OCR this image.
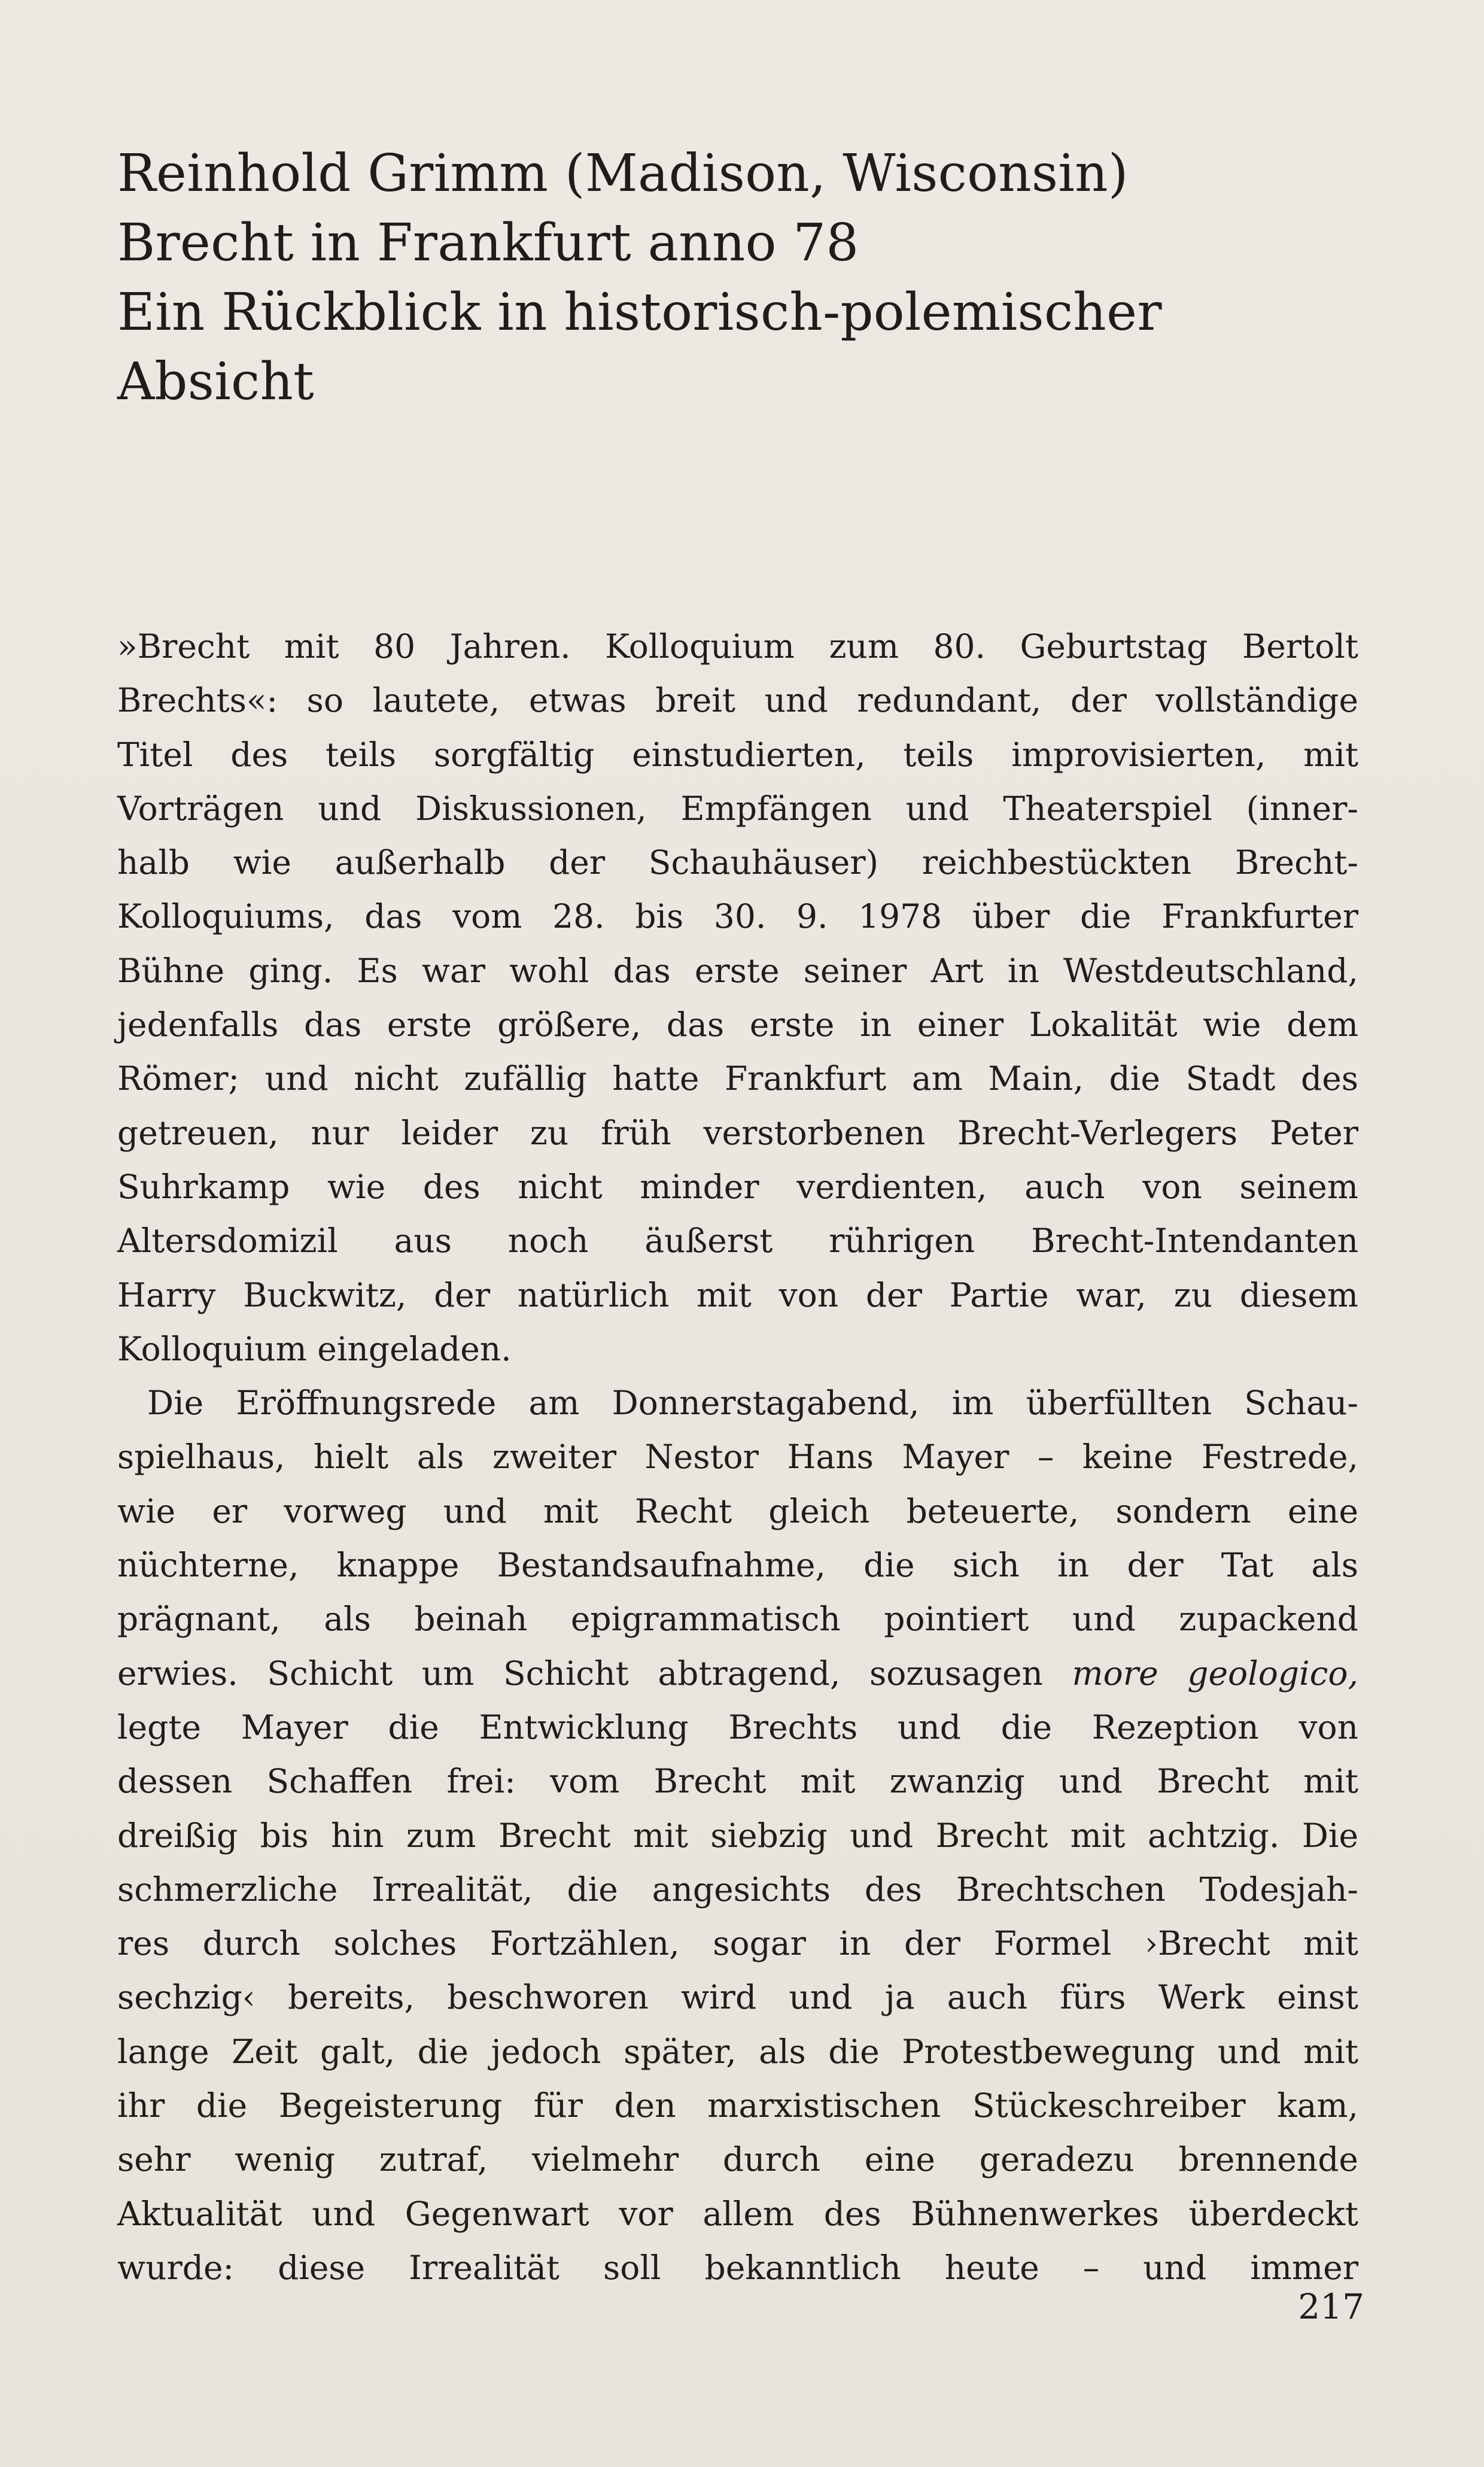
Reinhold Grimm (Madison, Wisconsin)
Brecht in Frankfurt anno 78
Ein Rückblick in historisch-polemischer
Absicht

»Brecht mit 80 Jahren. Kolloquium zum 80. Geburtstag Bertolt
Brechts«: so lautete, etwas breit und redundant, der vollständige
Titel des teils sorgfältig einstudierten, teils improvisierten, mit
Vorträgen und Diskussionen, Empfängen und Theaterspiel (inner-
halb wie außerhalb der Schauhäuser) reichbestückten Brecht-
Kolloquiums, das vom 28. bis 30. 9. 1978 über die Frankfurter
Bühne ging. Es war wohl das erste seiner Art in Westdeutschland,
jedenfalls das erste größere, das erste in einer Lokalität wie dem
Römer; und nicht zufällig hatte Frankfurt am Main, die Stadt des
getreuen, nur leider zu früh verstorbenen Brecht-Verlegers Peter
Suhrkamp wie des nicht minder verdienten, auch von seinem
Altersdomizil aus noch äußerst rührigen Brecht-Intendanten
Harry Buckwitz, der natürlich mit von der Partie war, zu diesem
Kolloquium eingeladen.

Die Eröffnungsrede am Donnerstagabend, im überfüllten Schau-
spielhaus, hielt als zweiter Nestor Hans Mayer – keine Festrede,
wie er vorweg und mit Recht gleich beteuerte, sondern eine
nüchterne, knappe Bestandsaufnahme, die sich in der Tat als
prägnant, als beinah epigrammatisch pointiert und zupackend
erwies. Schicht um Schicht abtragend, sozusagen more geologico,
legte Mayer die Entwicklung Brechts und die Rezeption von
dessen Schaffen frei: vom Brecht mit zwanzig und Brecht mit
dreißig bis hin zum Brecht mit siebzig und Brecht mit achtzig. Die
schmerzliche Irrealität, die angesichts des Brechtschen Todesjah-
res durch solches Fortzählen, sogar in der Formel ›Brecht mit
sechzig‹ bereits, beschworen wird und ja auch fürs Werk einst
lange Zeit galt, die jedoch später, als die Protestbewegung und mit
ihr die Begeisterung für den marxistischen Stückeschreiber kam,
sehr wenig zutraf, vielmehr durch eine geradezu brennende
Aktualität und Gegenwart vor allem des Bühnenwerkes überdeckt
wurde: diese Irrealität soll bekanntlich heute – und immer

217
